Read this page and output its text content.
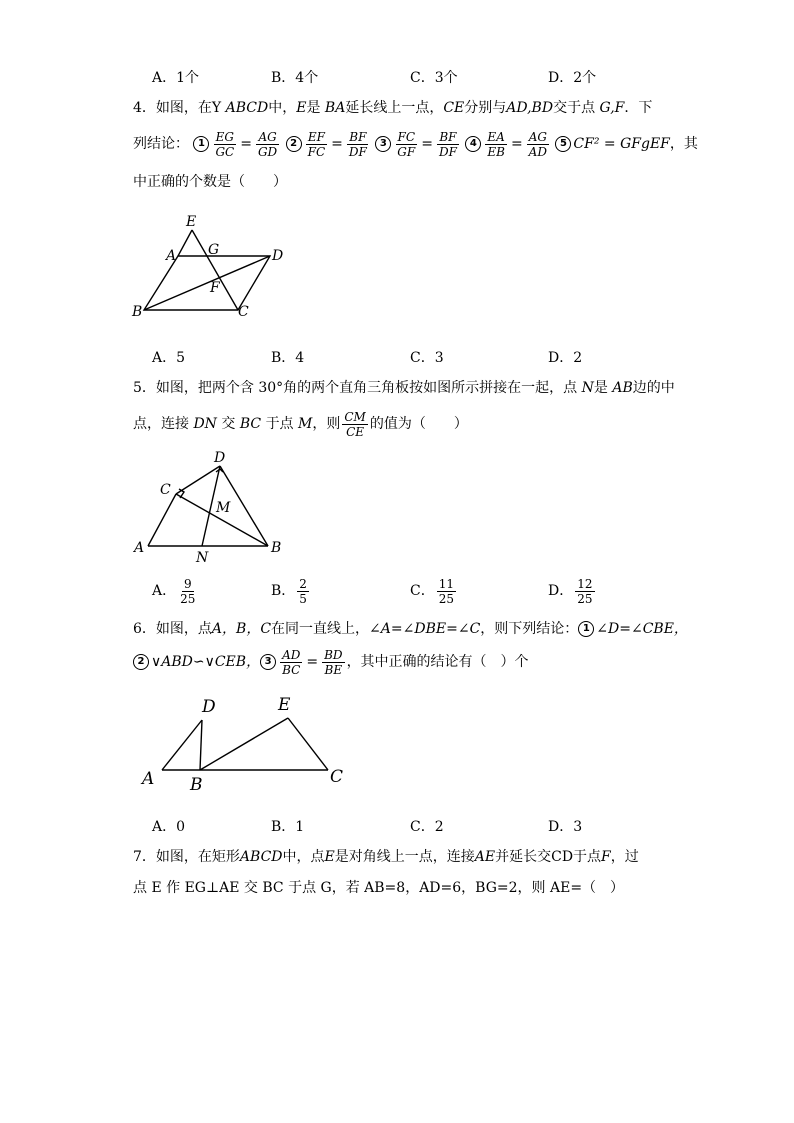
A．1个	B．4个	C．3个	D．2个
4．如图，在Y ABCD中，E是 BA延长线上一点，CE分别与AD,BD交于点 G,F．下
列结论： $1 \frac{EG}{GC} = \frac{AG}{GD} 2 \frac{EF}{FC} = \frac{BF}{DF} 3 \frac{FC}{GF} = \frac{BF}{DF} 4 \frac{EA}{EB} = \frac{AG}{AD} 5$ CF² = GFgEF，其
中正确的个数是（　　）
E
A G	D
F
B	C
A．5	B．4	C．3	D．2
5．如图，把两个含 30°角的两个直角三角板按如图所示拼接在一起，点 N是 AB边的中
点，连接 DN 交 BC 于点 M，则 $\frac{CM}{CE}$ 的值为（　　）
D
C
M
A
N
B
A． $\frac{9}{25}$	B． $\frac{2}{5}$	C． $\frac{11}{25}$	D． $\frac{12}{25}$
6．如图，点A，B，C在同一直线上，∠A=∠DBE=∠C，则下列结论： 1 ∠D=∠CBE，
2 ∨ABD∽∨CEB， $3 \frac{AD}{BC} = \frac{BD}{BE}$ ，其中正确的结论有（　）个
D	E
A B	C
A．0	B．1	C．2	D．3
7．如图，在矩形ABCD中，点E是对角线上一点，连接AE并延长交CD于点F，过
点 E 作 EG⊥AE 交 BC 于点 G，若 AB=8，AD=6，BG=2，则 AE=（　）
